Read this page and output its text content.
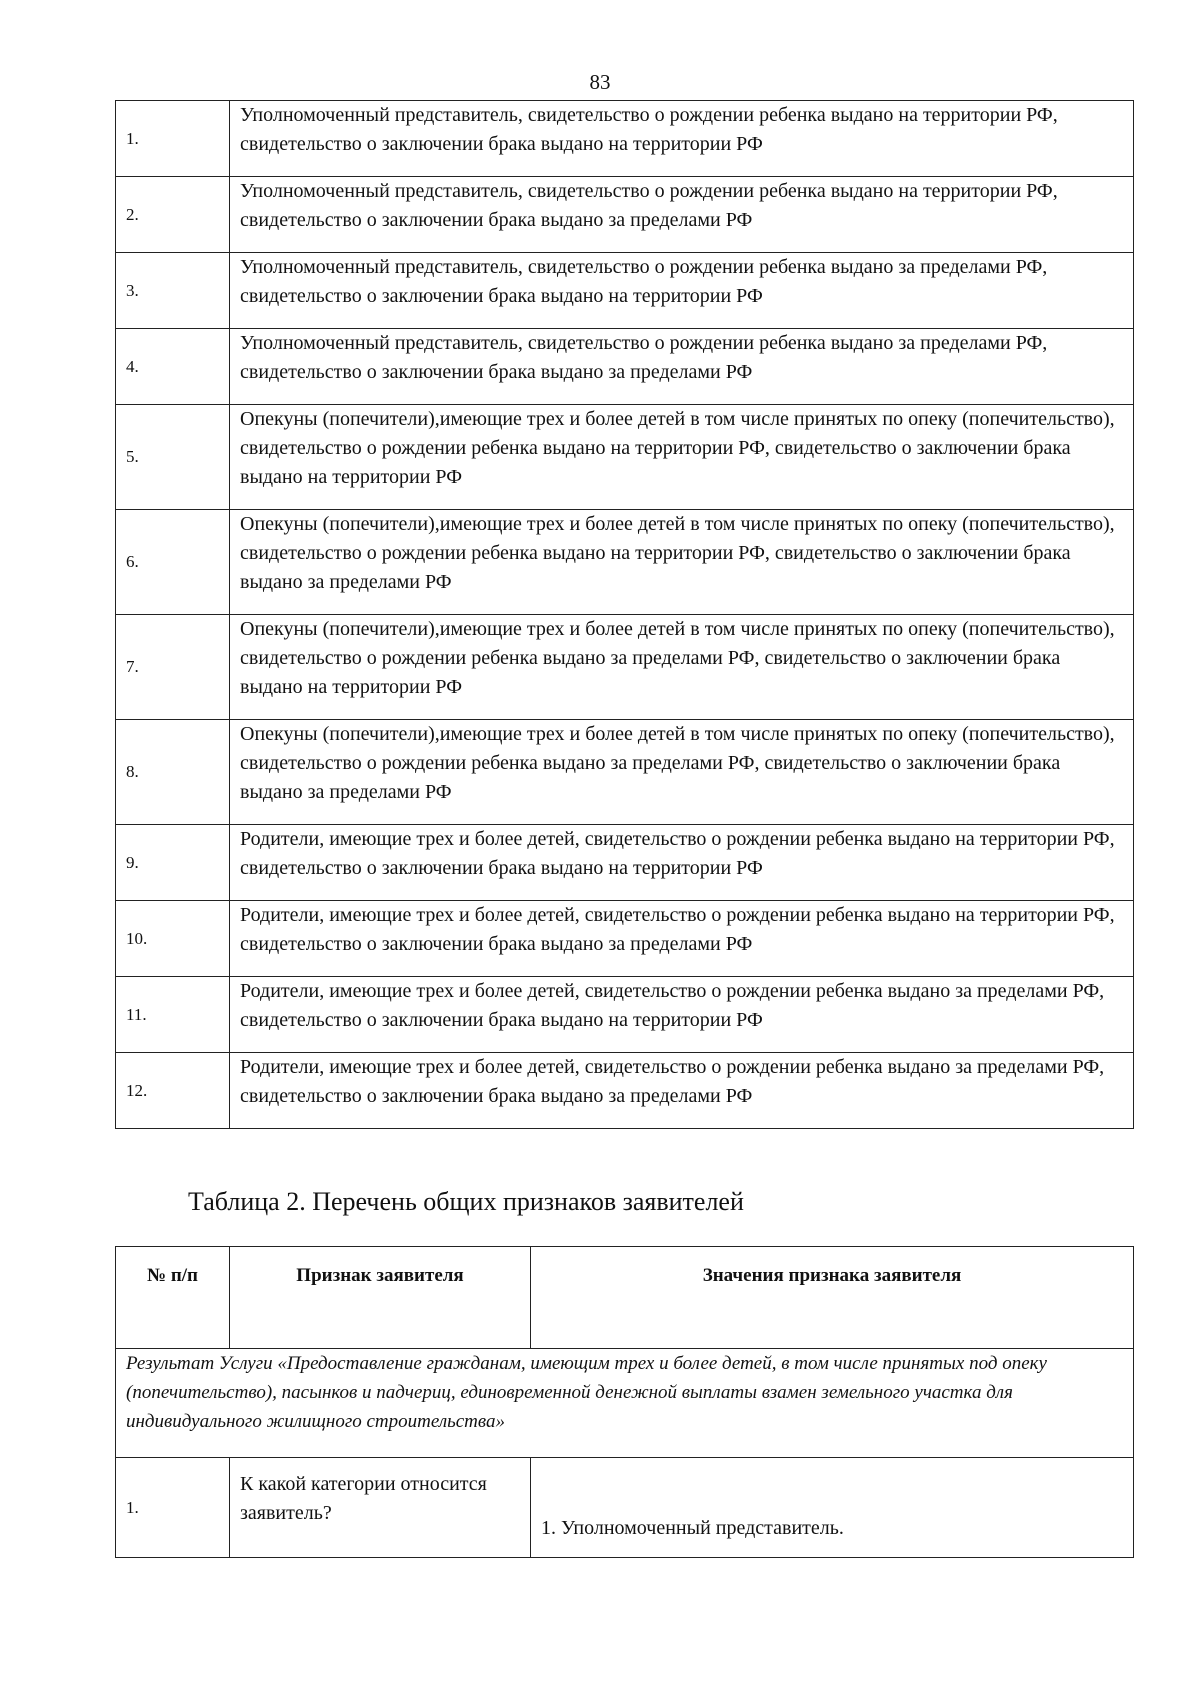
83
1.	Уполномоченный представитель, свидетельство о рождении ребенка выдано на территории РФ, свидетельство о заключении брака выдано на территории РФ
2.	Уполномоченный представитель, свидетельство о рождении ребенка выдано на территории РФ, свидетельство о заключении брака выдано за пределами РФ
3.	Уполномоченный представитель, свидетельство о рождении ребенка выдано за пределами РФ, свидетельство о заключении брака выдано на территории РФ
4.	Уполномоченный представитель, свидетельство о рождении ребенка выдано за пределами РФ, свидетельство о заключении брака выдано за пределами РФ
5.	Опекуны (попечители),имеющие трех и более детей в том числе принятых по опеку (попечительство), свидетельство о рождении ребенка выдано на территории РФ, свидетельство о заключении брака выдано на территории РФ
6.	Опекуны (попечители),имеющие трех и более детей в том числе принятых по опеку (попечительство), свидетельство о рождении ребенка выдано на территории РФ, свидетельство о заключении брака выдано за пределами РФ
7.	Опекуны (попечители),имеющие трех и более детей в том числе принятых по опеку (попечительство), свидетельство о рождении ребенка выдано за пределами РФ, свидетельство о заключении брака выдано на территории РФ
8.	Опекуны (попечители),имеющие трех и более детей в том числе принятых по опеку (попечительство), свидетельство о рождении ребенка выдано за пределами РФ, свидетельство о заключении брака выдано за пределами РФ
9.	Родители, имеющие трех и более детей, свидетельство о рождении ребенка выдано на территории РФ, свидетельство о заключении брака выдано на территории РФ
10.	Родители, имеющие трех и более детей, свидетельство о рождении ребенка выдано на территории РФ, свидетельство о заключении брака выдано за пределами РФ
11.	Родители, имеющие трех и более детей, свидетельство о рождении ребенка выдано за пределами РФ, свидетельство о заключении брака выдано на территории РФ
12.	Родители, имеющие трех и более детей, свидетельство о рождении ребенка выдано за пределами РФ, свидетельство о заключении брака выдано за пределами РФ
Таблица 2. Перечень общих признаков заявителей
№ п/п	Признак заявителя	Значения признака заявителя
Результат Услуги «Предоставление гражданам, имеющим трех и более детей, в том числе принятых под опеку (попечительство), пасынков и падчериц, единовременной денежной выплаты взамен земельного участка для индивидуального жилищного строительства»		
1.	К какой категории относится заявитель?	1. Уполномоченный представитель.
